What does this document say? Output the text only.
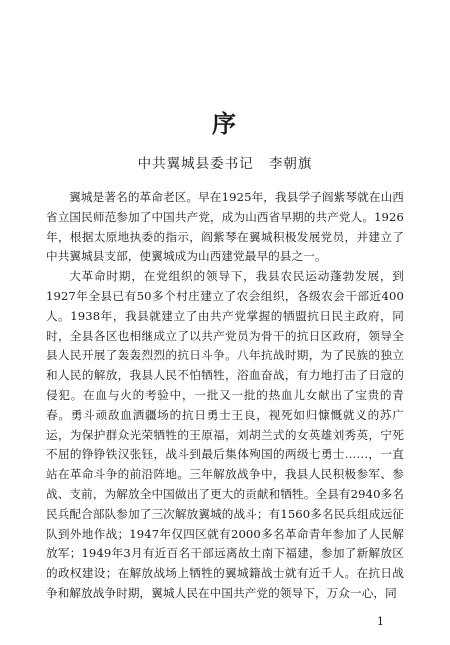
序
中共翼城县委书记 李朝旗

翼城是著名的革命老区。早在1925年，我县学子阎紫琴就在山西省立国民师范参加了中国共产党，成为山西省早期的共产党人。1926年，根据太原地执委的指示，阎紫琴在翼城积极发展党员，并建立了中共翼城县支部，使翼城成为山西建党最早的县之一。

大革命时期，在党组织的领导下，我县农民运动蓬勃发展，到1927年全县已有50多个村庄建立了农会组织，各级农会干部近400人。1938年，我县就建立了由共产党掌握的牺盟抗日民主政府，同时，全县各区也相继成立了以共产党员为骨干的抗日区政府，领导全县人民开展了轰轰烈烈的抗日斗争。八年抗战时期，为了民族的独立和人民的解放，我县人民不怕牺牲，浴血奋战，有力地打击了日寇的侵犯。在血与火的考验中，一批又一批的热血儿女献出了宝贵的青春。勇斗顽敌血洒疆场的抗日勇士王良，视死如归慷慨就义的苏广运，为保护群众光荣牺牲的王原福，刘胡兰式的女英雄刘秀英，宁死不屈的铮铮铁汉张钰，战斗到最后集体殉国的两级七勇士……，一直站在革命斗争的前沿阵地。三年解放战争中，我县人民积极参军、参战、支前，为解放全中国做出了更大的贡献和牺牲。全县有2940多名民兵配合部队参加了三次解放翼城的战斗；有1560多名民兵组成远征队到外地作战；1947年仅四区就有2000多名革命青年参加了人民解放军；1949年3月有近百名干部远离故土南下福建，参加了新解放区的政权建设；在解放战场上牺牲的翼城籍战士就有近千人。在抗日战争和解放战争时期，翼城人民在中国共产党的领导下，万众一心，同

1
